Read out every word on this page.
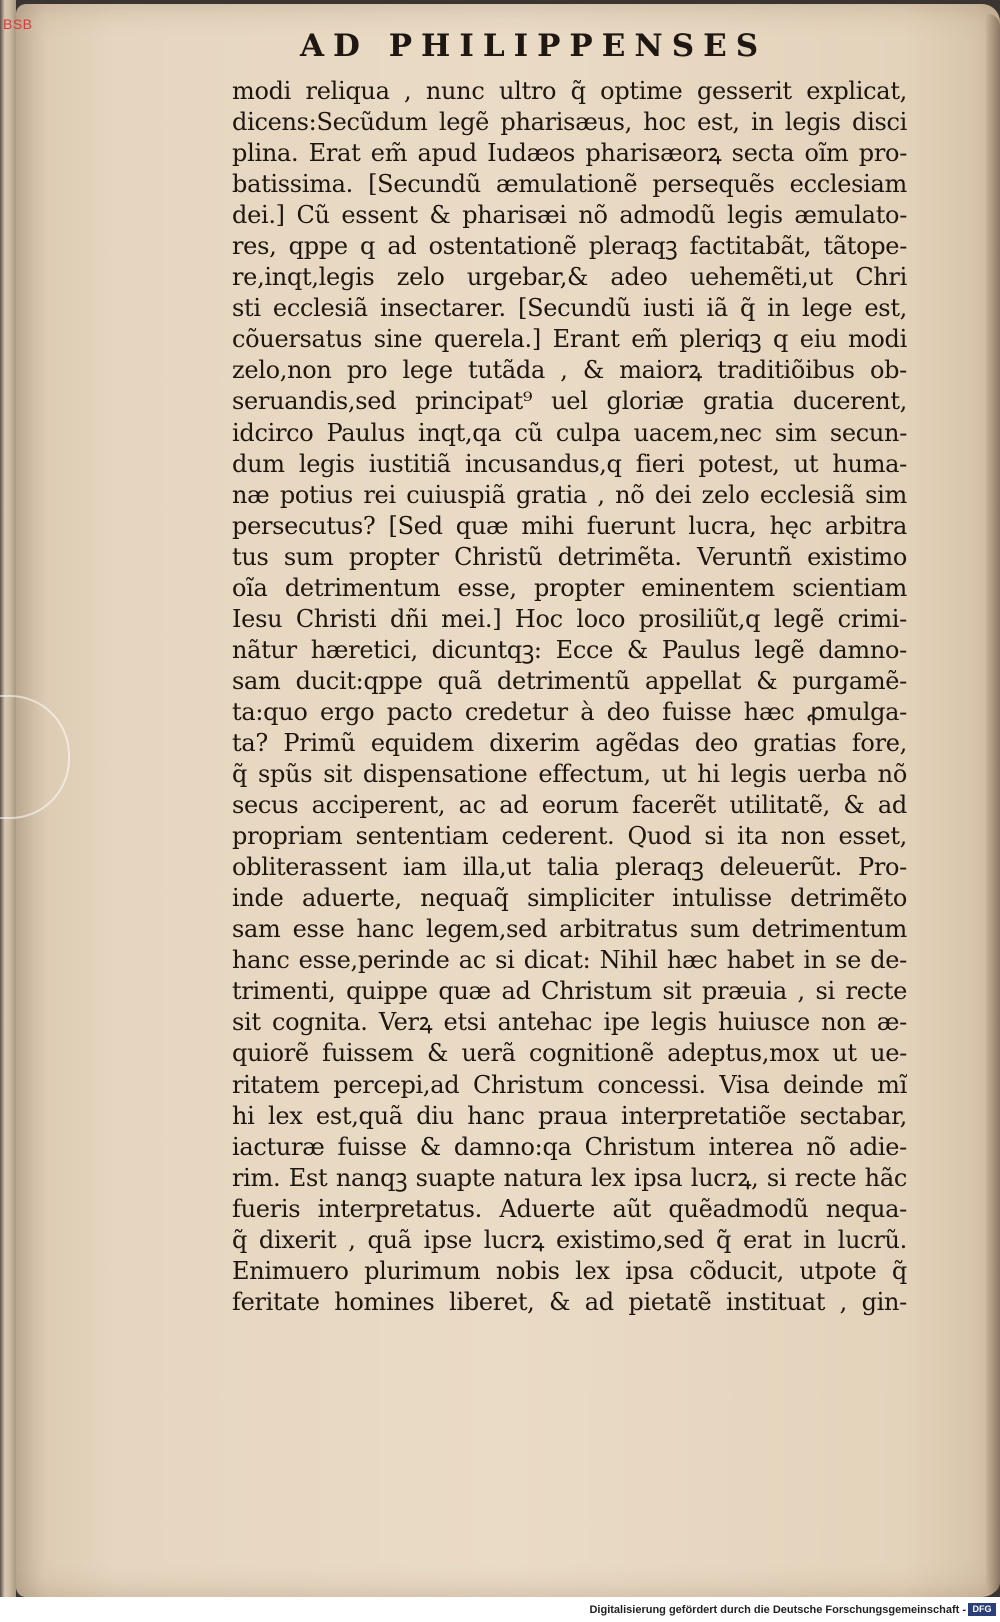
BSB
AD PHILIPPENSES
modi reliqua , nunc ultro q̃ optime gesserit explicat,
dicens:Secũdum legẽ pharisæus, hoc est, in legis disci
plina. Erat em̃ apud Iudæos pharisæorꝝ secta oĩm pro-
batissima. [Secundũ æmulationẽ persequẽs ecclesiam
dei.] Cũ essent & pharisæi nõ admodũ legis æmulato-
res, qppe q ad ostentationẽ pleraqꝫ factitabãt, tãtope-
re,inqt,legis zelo urgebar,& adeo uehemẽti,ut Chri
sti ecclesiã insectarer. [Secundũ iusti iã q̃ in lege est,
cõuersatus sine querela.] Erant em̃ pleriqꝫ q eiu modi
zelo,non pro lege tutãda , & maiorꝝ traditiõibus ob-
seruandis,sed principat⁹ uel gloriæ gratia ducerent,
idcirco Paulus inqt,qa cũ culpa uacem,nec sim secun-
dum legis iustitiã incusandus,q fieri potest, ut huma-
næ potius rei cuiuspiã gratia , nõ dei zelo ecclesiã sim
persecutus? [Sed quæ mihi fuerunt lucra, hęc arbitra
tus sum propter Christũ detrimẽta. Veruntñ existimo
oĩa detrimentum esse, propter eminentem scientiam
Iesu Christi dñi mei.] Hoc loco prosiliũt,q legẽ crimi-
nãtur hæretici, dicuntqꝫ: Ecce & Paulus legẽ damno-
sam ducit:qppe quã detrimentũ appellat & purgamẽ-
ta:quo ergo pacto credetur à deo fuisse hæc ꝓmulga-
ta? Primũ equidem dixerim agẽdas deo gratias fore,
q̃ spũs sit dispensatione effectum, ut hi legis uerba nõ
secus acciperent, ac ad eorum facerẽt utilitatẽ, & ad
propriam sententiam cederent. Quod si ita non esset,
obliterassent iam illa,ut talia pleraqꝫ deleuerũt. Pro-
inde aduerte, nequaq̃ simpliciter intulisse detrimẽto
sam esse hanc legem,sed arbitratus sum detrimentum
hanc esse,perinde ac si dicat: Nihil hæc habet in se de-
trimenti, quippe quæ ad Christum sit præuia , si recte
sit cognita. Verꝝ etsi antehac ipe legis huiusce non æ-
quiorẽ fuissem & uerã cognitionẽ adeptus,mox ut ue-
ritatem percepi,ad Christum concessi. Visa deinde mĩ
hi lex est,quã diu hanc praua interpretatiõe sectabar,
iacturæ fuisse & damno:qa Christum interea nõ adie-
rim. Est nanqꝫ suapte natura lex ipsa lucrꝝ, si recte hãc
fueris interpretatus. Aduerte aũt quẽadmodũ nequa-
q̃ dixerit , quã ipse lucrꝝ existimo,sed q̃ erat in lucrũ.
Enimuero plurimum nobis lex ipsa cõducit, utpote q̃
feritate homines liberet, & ad pietatẽ instituat , gin-
Digitalisierung gefördert durch die Deutsche Forschungsgemeinschaft - DFG
